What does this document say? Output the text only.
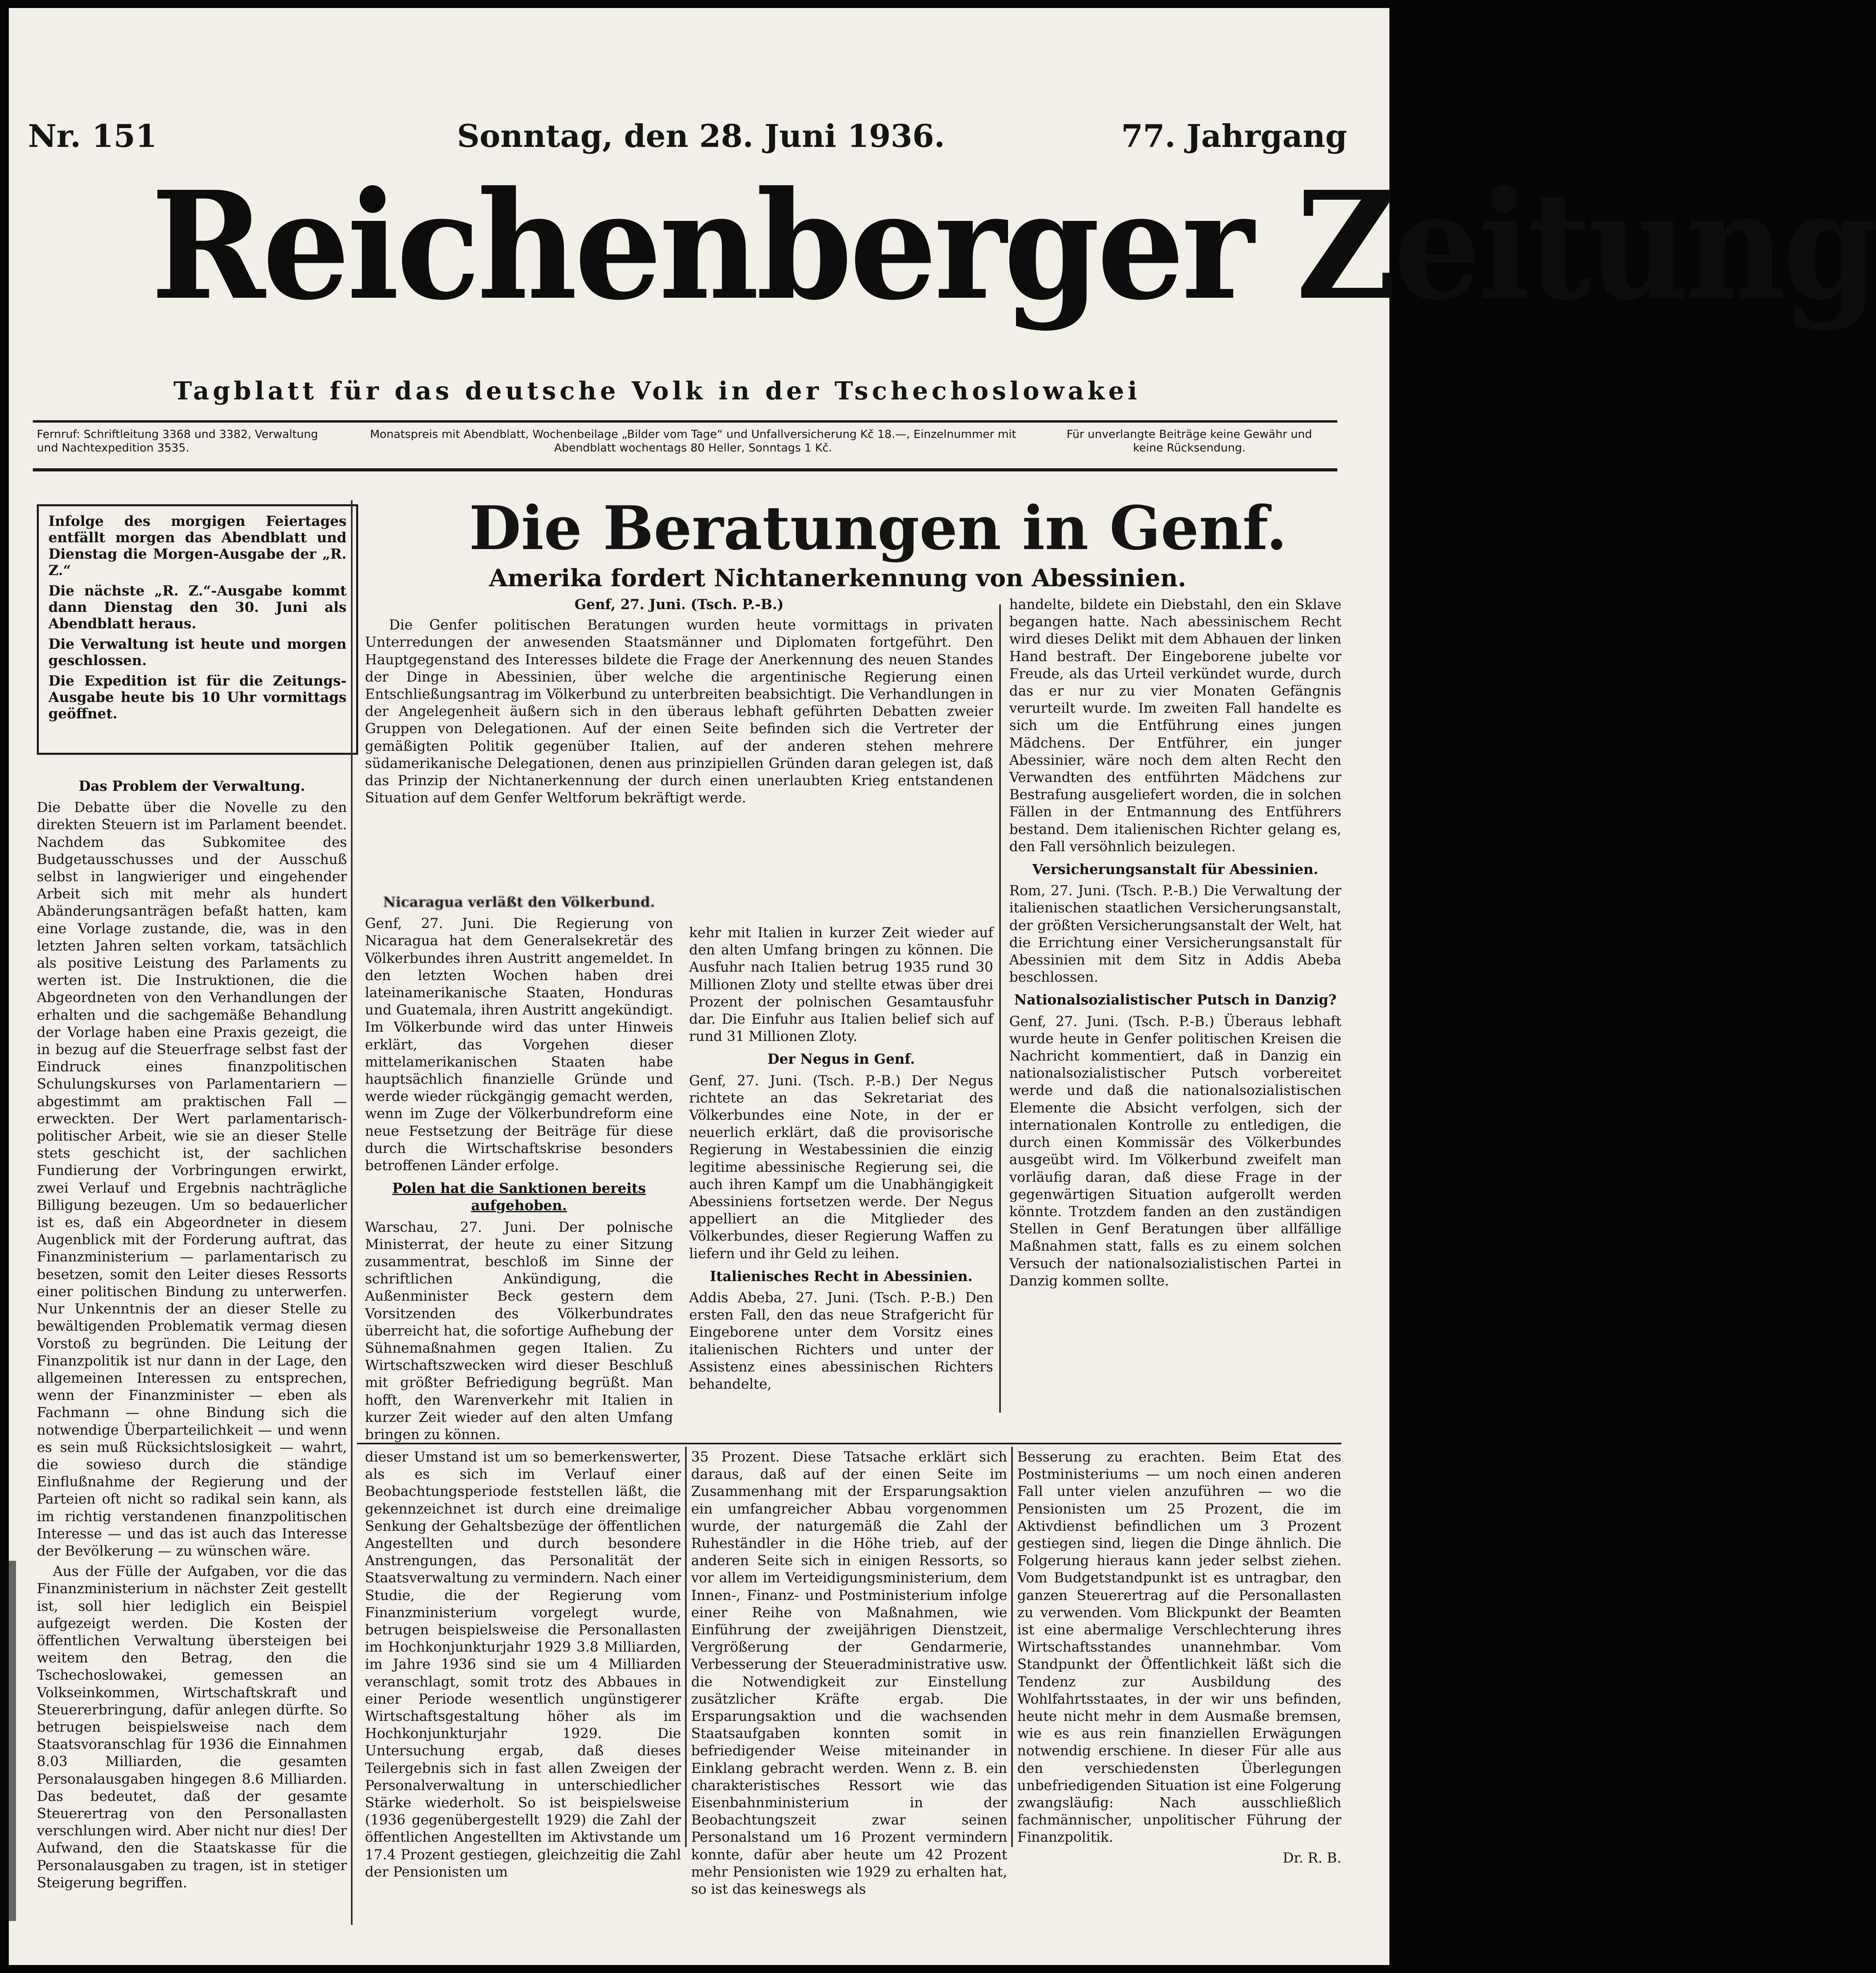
Nr. 151	Sonntag, den 28. Juni 1936.	77. Jahrgang
Reichenberger Zeitung
Tagblatt für das deutsche Volk in der Tschechoslowakei
Fernruf: Schriftleitung 3368 und 3382, Verwaltung und Nachtexpedition 3535.
Monatspreis mit Abendblatt, Wochenbeilage „Bilder vom Tage“ und Unfallversicherung Kč 18.—, Einzelnummer mit Abendblatt wochentags 80 Heller, Sonntags 1 Kč.
Für unverlangte Beiträge keine Gewähr und keine Rücksendung.

Infolge des morgigen Feiertages entfällt morgen das Abendblatt und Dienstag die Morgen-Ausgabe der „R. Z.“

Die nächste „R. Z.“-Ausgabe kommt dann Dienstag den 30. Juni als Abendblatt heraus.

Die Verwaltung ist heute und morgen geschlossen.

Die Expedition ist für die Zeitungs-Ausgabe heute bis 10 Uhr vormittags geöffnet.

Das Problem der Verwaltung.

Die Debatte über die Novelle zu den direkten Steuern ist im Parlament beendet. Nachdem das Subkomitee des Budgetausschusses und der Ausschuß selbst in langwieriger und eingehender Arbeit sich mit mehr als hundert Abänderungsanträgen befaßt hatten, kam eine Vorlage zustande, die, was in den letzten Jahren selten vorkam, tatsächlich als positive Leistung des Parlaments zu werten ist. Die Instruktionen, die die Abgeordneten von den Verhandlungen der erhalten und die sachgemäße Behandlung der Vorlage haben eine Praxis gezeigt, die in bezug auf die Steuerfrage selbst fast der Eindruck eines finanzpolitischen Schulungskurses von Parlamentariern — abgestimmt am praktischen Fall — erweckten. Der Wert parlamentarisch-politischer Arbeit, wie sie an dieser Stelle stets geschicht ist, der sachlichen Fundierung der Vorbringungen erwirkt, zwei Verlauf und Ergebnis nachträgliche Billigung bezeugen. Um so bedauerlicher ist es, daß ein Abgeordneter in diesem Augenblick mit der Forderung auftrat, das Finanzministerium — parlamentarisch zu besetzen, somit den Leiter dieses Ressorts einer politischen Bindung zu unterwerfen. Nur Unkenntnis der an dieser Stelle zu bewältigenden Problematik vermag diesen Vorstoß zu begründen. Die Leitung der Finanzpolitik ist nur dann in der Lage, den allgemeinen Interessen zu entsprechen, wenn der Finanzminister — eben als Fachmann — ohne Bindung sich die notwendige Überparteilichkeit — und wenn es sein muß Rücksichtslosigkeit — wahrt, die sowieso durch die ständige Einflußnahme der Regierung und der Parteien oft nicht so radikal sein kann, als im richtig verstandenen finanzpolitischen Interesse — und das ist auch das Interesse der Bevölkerung — zu wünschen wäre.

Aus der Fülle der Aufgaben, vor die das Finanzministerium in nächster Zeit gestellt ist, soll hier lediglich ein Beispiel aufgezeigt werden. Die Kosten der öffentlichen Verwaltung übersteigen bei weitem den Betrag, den die Tschechoslowakei, gemessen an Volkseinkommen, Wirtschaftskraft und Steuererbringung, dafür anlegen dürfte. So betrugen beispielsweise nach dem Staatsvoranschlag für 1936 die Einnahmen 8.03 Milliarden, die gesamten Personalausgaben hingegen 8.6 Milliarden. Das bedeutet, daß der gesamte Steuerertrag von den Personallasten verschlungen wird. Aber nicht nur dies! Der Aufwand, den die Staatskasse für die Personalausgaben zu tragen, ist in stetiger Steigerung begriffen.

Die Beratungen in Genf.
Amerika fordert Nichtanerkennung von Abessinien.

Genf, 27. Juni. (Tsch. P.-B.)

Die Genfer politischen Beratungen wurden heute vormittags in privaten Unterredungen der anwesenden Staatsmänner und Diplomaten fortgeführt. Den Hauptgegenstand des Interesses bildete die Frage der Anerkennung des neuen Standes der Dinge in Abessinien, über welche die argentinische Regierung einen Entschließungsantrag im Völkerbund zu unterbreiten beabsichtigt. Die Verhandlungen in der Angelegenheit äußern sich in den überaus lebhaft geführten Debatten zweier Gruppen von Delegationen. Auf der einen Seite befinden sich die Vertreter der gemäßigten Politik gegenüber Italien, auf der anderen stehen mehrere südamerikanische Delegationen, denen aus prinzipiellen Gründen daran gelegen ist, daß das Prinzip der Nichtanerkennung der durch einen unerlaubten Krieg entstandenen Situation auf dem Genfer Weltforum bekräftigt werde.

Nicaragua verläßt den Völkerbund.

Genf, 27. Juni. Die Regierung von Nicaragua hat dem Generalsekretär des Völkerbundes ihren Austritt angemeldet. In den letzten Wochen haben drei lateinamerikanische Staaten, Honduras und Guatemala, ihren Austritt angekündigt. Im Völkerbunde wird das unter Hinweis erklärt, das Vorgehen dieser mittelamerikanischen Staaten habe hauptsächlich finanzielle Gründe und werde wieder rückgängig gemacht werden, wenn im Zuge der Völkerbundreform eine neue Festsetzung der Beiträge für diese durch die Wirtschaftskrise besonders betroffenen Länder erfolge.

Polen hat die Sanktionen bereits aufgehoben.

Warschau, 27. Juni. Der polnische Ministerrat, der heute zu einer Sitzung zusammentrat, beschloß im Sinne der schriftlichen Ankündigung, die Außenminister Beck gestern dem Vorsitzenden des Völkerbundrates überreicht hat, die sofortige Aufhebung der Sühnemaßnahmen gegen Italien. Zu Wirtschaftszwecken wird dieser Beschluß mit größter Befriedigung begrüßt. Man hofft, den Warenverkehr mit Italien in kurzer Zeit wieder auf den alten Umfang bringen zu können.

kehr mit Italien in kurzer Zeit wieder auf den alten Umfang bringen zu können. Die Ausfuhr nach Italien betrug 1935 rund 30 Millionen Zloty und stellte etwas über drei Prozent der polnischen Gesamtausfuhr dar. Die Einfuhr aus Italien belief sich auf rund 31 Millionen Zloty.

Der Negus in Genf.

Genf, 27. Juni. (Tsch. P.-B.) Der Negus richtete an das Sekretariat des Völkerbundes eine Note, in der er neuerlich erklärt, daß die provisorische Regierung in Westabessinien die einzig legitime abessinische Regierung sei, die auch ihren Kampf um die Unabhängigkeit Abessiniens fortsetzen werde. Der Negus appelliert an die Mitglieder des Völkerbundes, dieser Regierung Waffen zu liefern und ihr Geld zu leihen.

Italienisches Recht in Abessinien.

Addis Abeba, 27. Juni. (Tsch. P.-B.) Den ersten Fall, den das neue Strafgericht für Eingeborene unter dem Vorsitz eines italienischen Richters und unter der Assistenz eines abessinischen Richters behandelte,

handelte, bildete ein Diebstahl, den ein Sklave begangen hatte. Nach abessinischem Recht wird dieses Delikt mit dem Abhauen der linken Hand bestraft. Der Eingeborene jubelte vor Freude, als das Urteil verkündet wurde, durch das er nur zu vier Monaten Gefängnis verurteilt wurde. Im zweiten Fall handelte es sich um die Entführung eines jungen Mädchens. Der Entführer, ein junger Abessinier, wäre noch dem alten Recht den Verwandten des entführten Mädchens zur Bestrafung ausgeliefert worden, die in solchen Fällen in der Entmannung des Entführers bestand. Dem italienischen Richter gelang es, den Fall versöhnlich beizulegen.

Versicherungsanstalt für Abessinien.

Rom, 27. Juni. (Tsch. P.-B.) Die Verwaltung der italienischen staatlichen Versicherungsanstalt, der größten Versicherungsanstalt der Welt, hat die Errichtung einer Versicherungsanstalt für Abessinien mit dem Sitz in Addis Abeba beschlossen.

Nationalsozialistischer Putsch in Danzig?

Genf, 27. Juni. (Tsch. P.-B.) Überaus lebhaft wurde heute in Genfer politischen Kreisen die Nachricht kommentiert, daß in Danzig ein nationalsozialistischer Putsch vorbereitet werde und daß die nationalsozialistischen Elemente die Absicht verfolgen, sich der internationalen Kontrolle zu entledigen, die durch einen Kommissär des Völkerbundes ausgeübt wird. Im Völkerbund zweifelt man vorläufig daran, daß diese Frage in der gegenwärtigen Situation aufgerollt werden könnte. Trotzdem fanden an den zuständigen Stellen in Genf Beratungen über allfällige Maßnahmen statt, falls es zu einem solchen Versuch der nationalsozialistischen Partei in Danzig kommen sollte.

dieser Umstand ist um so bemerkenswerter, als es sich im Verlauf einer Beobachtungsperiode feststellen läßt, die gekennzeichnet ist durch eine dreimalige Senkung der Gehaltsbezüge der öffentlichen Angestellten und durch besondere Anstrengungen, das Personalität der Staatsverwaltung zu vermindern. Nach einer Studie, die der Regierung vom Finanzministerium vorgelegt wurde, betrugen beispielsweise die Personallasten im Hochkonjunkturjahr 1929 3.8 Milliarden, im Jahre 1936 sind sie um 4 Milliarden veranschlagt, somit trotz des Abbaues in einer Periode wesentlich ungünstigerer Wirtschaftsgestaltung höher als im Hochkonjunkturjahr 1929. Die Untersuchung ergab, daß dieses Teilergebnis sich in fast allen Zweigen der Personalverwaltung in unterschiedlicher Stärke wiederholt. So ist beispielsweise (1936 gegenübergestellt 1929) die Zahl der öffentlichen Angestellten im Aktivstande um 17.4 Prozent gestiegen, gleichzeitig die Zahl der Pensionisten um

35 Prozent. Diese Tatsache erklärt sich daraus, daß auf der einen Seite im Zusammenhang mit der Ersparungsaktion ein umfangreicher Abbau vorgenommen wurde, der naturgemäß die Zahl der Ruheständler in die Höhe trieb, auf der anderen Seite sich in einigen Ressorts, so vor allem im Verteidigungsministerium, dem Innen-, Finanz- und Postministerium infolge einer Reihe von Maßnahmen, wie Einführung der zweijährigen Dienstzeit, Vergrößerung der Gendarmerie, Verbesserung der Steueradministrative usw. die Notwendigkeit zur Einstellung zusätzlicher Kräfte ergab. Die Ersparungsaktion und die wachsenden Staatsaufgaben konnten somit in befriedigender Weise miteinander in Einklang gebracht werden. Wenn z. B. ein charakteristisches Ressort wie das Eisenbahnministerium in der Beobachtungszeit zwar seinen Personalstand um 16 Prozent vermindern konnte, dafür aber heute um 42 Prozent mehr Pensionisten wie 1929 zu erhalten hat, so ist das keineswegs als

Besserung zu erachten. Beim Etat des Postministeriums — um noch einen anderen Fall unter vielen anzuführen — wo die Pensionisten um 25 Prozent, die im Aktivdienst befindlichen um 3 Prozent gestiegen sind, liegen die Dinge ähnlich. Die Folgerung hieraus kann jeder selbst ziehen. Vom Budgetstandpunkt ist es untragbar, den ganzen Steuerertrag auf die Personallasten zu verwenden. Vom Blickpunkt der Beamten ist eine abermalige Verschlechterung ihres Wirtschaftsstandes unannehmbar. Vom Standpunkt der Öffentlichkeit läßt sich die Tendenz zur Ausbildung des Wohlfahrtsstaates, in der wir uns befinden, heute nicht mehr in dem Ausmaße bremsen, wie es aus rein finanziellen Erwägungen notwendig erschiene. In dieser Für alle aus den verschiedensten Überlegungen unbefriedigenden Situation ist eine Folgerung zwangsläufig: Nach ausschließlich fachmännischer, unpolitischer Führung der Finanzpolitik.

Dr. R. B.
